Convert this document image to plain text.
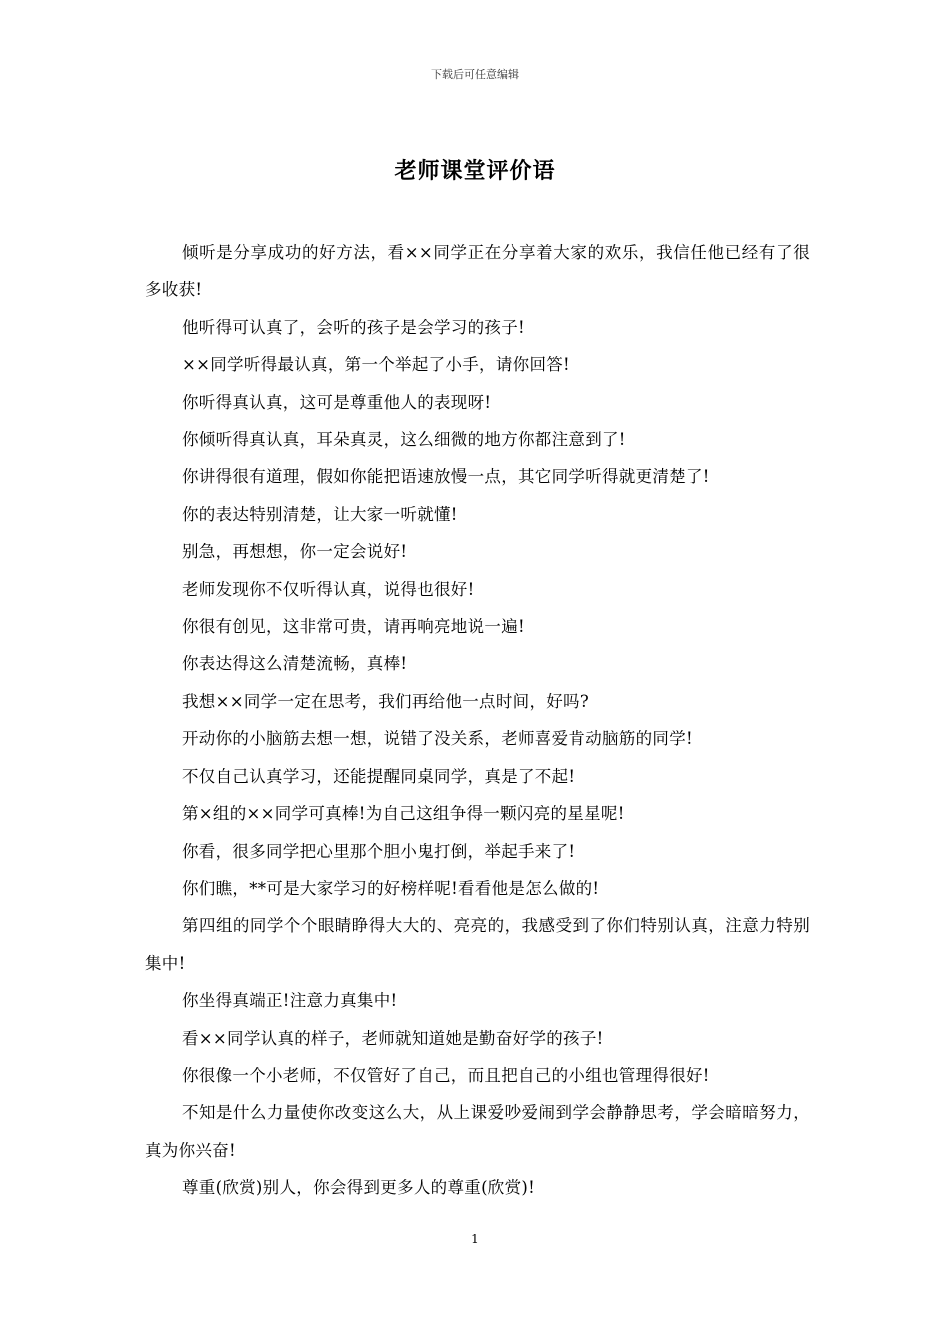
下载后可任意编辑
老师课堂评价语

倾听是分享成功的好方法，看××同学正在分享着大家的欢乐，我信任他已经有了很多收获!

他听得可认真了，会听的孩子是会学习的孩子!

××同学听得最认真，第一个举起了小手，请你回答!

你听得真认真，这可是尊重他人的表现呀!

你倾听得真认真，耳朵真灵，这么细微的地方你都注意到了!

你讲得很有道理，假如你能把语速放慢一点，其它同学听得就更清楚了!

你的表达特别清楚，让大家一听就懂!

别急，再想想，你一定会说好!

老师发现你不仅听得认真，说得也很好!

你很有创见，这非常可贵，请再响亮地说一遍!

你表达得这么清楚流畅，真棒!

我想××同学一定在思考，我们再给他一点时间，好吗?

开动你的小脑筋去想一想，说错了没关系，老师喜爱肯动脑筋的同学!

不仅自己认真学习，还能提醒同桌同学，真是了不起!

第×组的××同学可真棒!为自己这组争得一颗闪亮的星星呢!

你看，很多同学把心里那个胆小鬼打倒，举起手来了!

你们瞧，**可是大家学习的好榜样呢!看看他是怎么做的!

第四组的同学个个眼睛睁得大大的、亮亮的，我感受到了你们特别认真，注意力特别集中!

你坐得真端正!注意力真集中!

看××同学认真的样子，老师就知道她是勤奋好学的孩子!

你很像一个小老师，不仅管好了自己，而且把自己的小组也管理得很好!

不知是什么力量使你改变这么大，从上课爱吵爱闹到学会静静思考，学会暗暗努力，真为你兴奋!

尊重(欣赏)别人，你会得到更多人的尊重(欣赏)!

1
